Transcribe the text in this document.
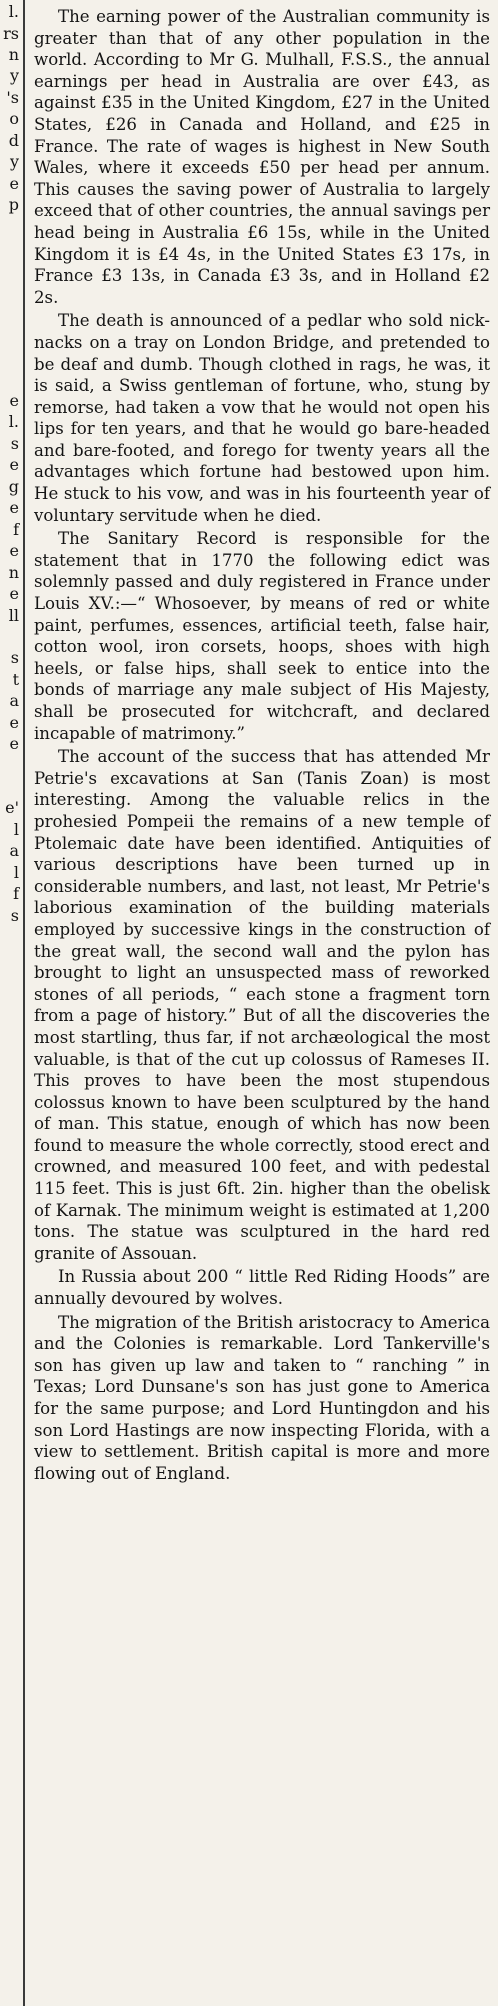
l.
rs
n
y
's
o
d
y
e
p
e
l.
s
e
g
e
f
e
n
e
ll
s
t
a
e
e
e'
l
a
l
f
s

The earning power of the Australian community is greater than that of any other population in the world. According to Mr G. Mulhall, F.S.S., the annual earnings per head in Australia are over £43, as against £35 in the United Kingdom, £27 in the United States, £26 in Canada and Holland, and £25 in France. The rate of wages is highest in New South Wales, where it exceeds £50 per head per annum. This causes the saving power of Australia to largely exceed that of other countries, the annual savings per head being in Australia £6 15s, while in the United Kingdom it is £4 4s, in the United States £3 17s, in France £3 13s, in Canada £3 3s, and in Holland £2 2s.

The death is announced of a pedlar who sold nick-nacks on a tray on London Bridge, and pretended to be deaf and dumb. Though clothed in rags, he was, it is said, a Swiss gentleman of fortune, who, stung by remorse, had taken a vow that he would not open his lips for ten years, and that he would go bare-headed and bare-footed, and forego for twenty years all the advantages which fortune had bestowed upon him. He stuck to his vow, and was in his fourteenth year of voluntary servitude when he died.

The Sanitary Record is responsible for the statement that in 1770 the following edict was solemnly passed and duly registered in France under Louis XV.:—“ Whosoever, by means of red or white paint, perfumes, essences, artificial teeth, false hair, cotton wool, iron corsets, hoops, shoes with high heels, or false hips, shall seek to entice into the bonds of marriage any male subject of His Majesty, shall be prosecuted for witchcraft, and declared incapable of matrimony.”

The account of the success that has attended Mr Petrie's excavations at San (Tanis Zoan) is most interesting. Among the valuable relics in the prohesied Pompeii the remains of a new temple of Ptolemaic date have been identified. Antiquities of various descriptions have been turned up in considerable numbers, and last, not least, Mr Petrie's laborious examination of the building materials employed by successive kings in the construction of the great wall, the second wall and the pylon has brought to light an unsuspected mass of reworked stones of all periods, “ each stone a fragment torn from a page of history.” But of all the discoveries the most startling, thus far, if not archæological the most valuable, is that of the cut up colossus of Rameses II. This proves to have been the most stupendous colossus known to have been sculptured by the hand of man. This statue, enough of which has now been found to measure the whole correctly, stood erect and crowned, and measured 100 feet, and with pedestal 115 feet. This is just 6ft. 2in. higher than the obelisk of Karnak. The minimum weight is estimated at 1,200 tons. The statue was sculptured in the hard red granite of Assouan.

In Russia about 200 “ little Red Riding Hoods” are annually devoured by wolves.

The migration of the British aristocracy to America and the Colonies is remarkable. Lord Tankerville's son has given up law and taken to “ ranching ” in Texas; Lord Dunsane's son has just gone to America for the same purpose; and Lord Huntingdon and his son Lord Hastings are now inspecting Florida, with a view to settlement. British capital is more and more flowing out of England.
